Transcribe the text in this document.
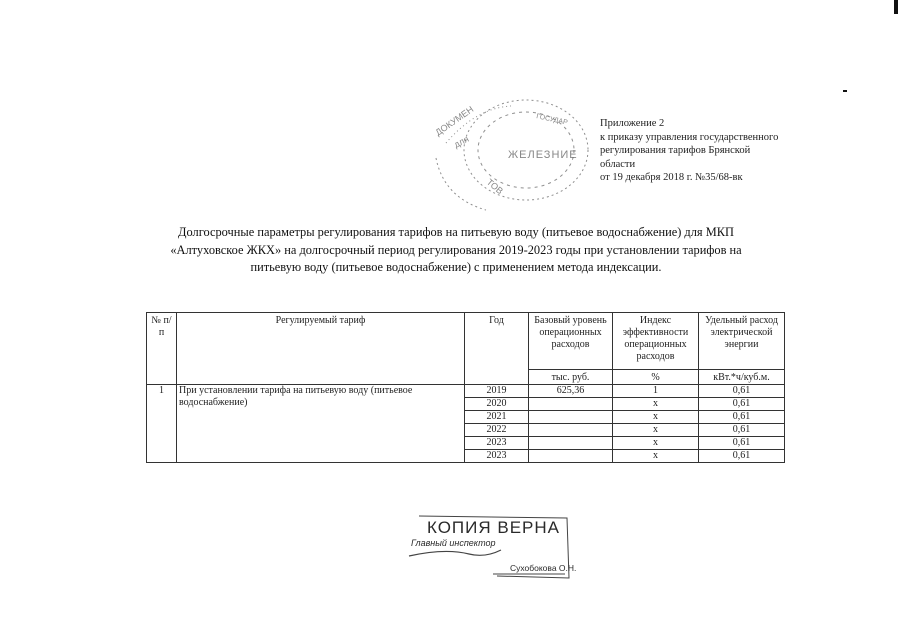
ЖЕЛЕЗНИЕ
для
ДОКУМЕН
ТОВ
ГОСУДАР	Приложение 2
к приказу управления государственного
регулирования тарифов Брянской
области
от 19 декабря 2018 г. №35/68-вк
Долгосрочные параметры регулирования тарифов на питьевую воду (питьевое водоснабжение) для МКП
«Алтуховское ЖКХ» на долгосрочный период регулирования 2019-2023 годы при установлении тарифов на
питьевую воду (питьевое водоснабжение) с применением метода индексации.
№ п/п	Регулируемый тариф	Год	Базовый уровень операционных расходов	Индекс эффективности операционных расходов	Удельный расход электрической энергии
			тыс. руб.	%	кВт.*ч/куб.м.
1	При установлении тарифа на питьевую воду (питьевое водоснабжение)	2019	625,36	1	0,61
		2020		x	0,61
		2021		x	0,61
		2022		x	0,61
		2023		x	0,61
		2023		x	0,61
КОПИЯ ВЕРНА
Главный инспектор
Сухобокова О.Н.
